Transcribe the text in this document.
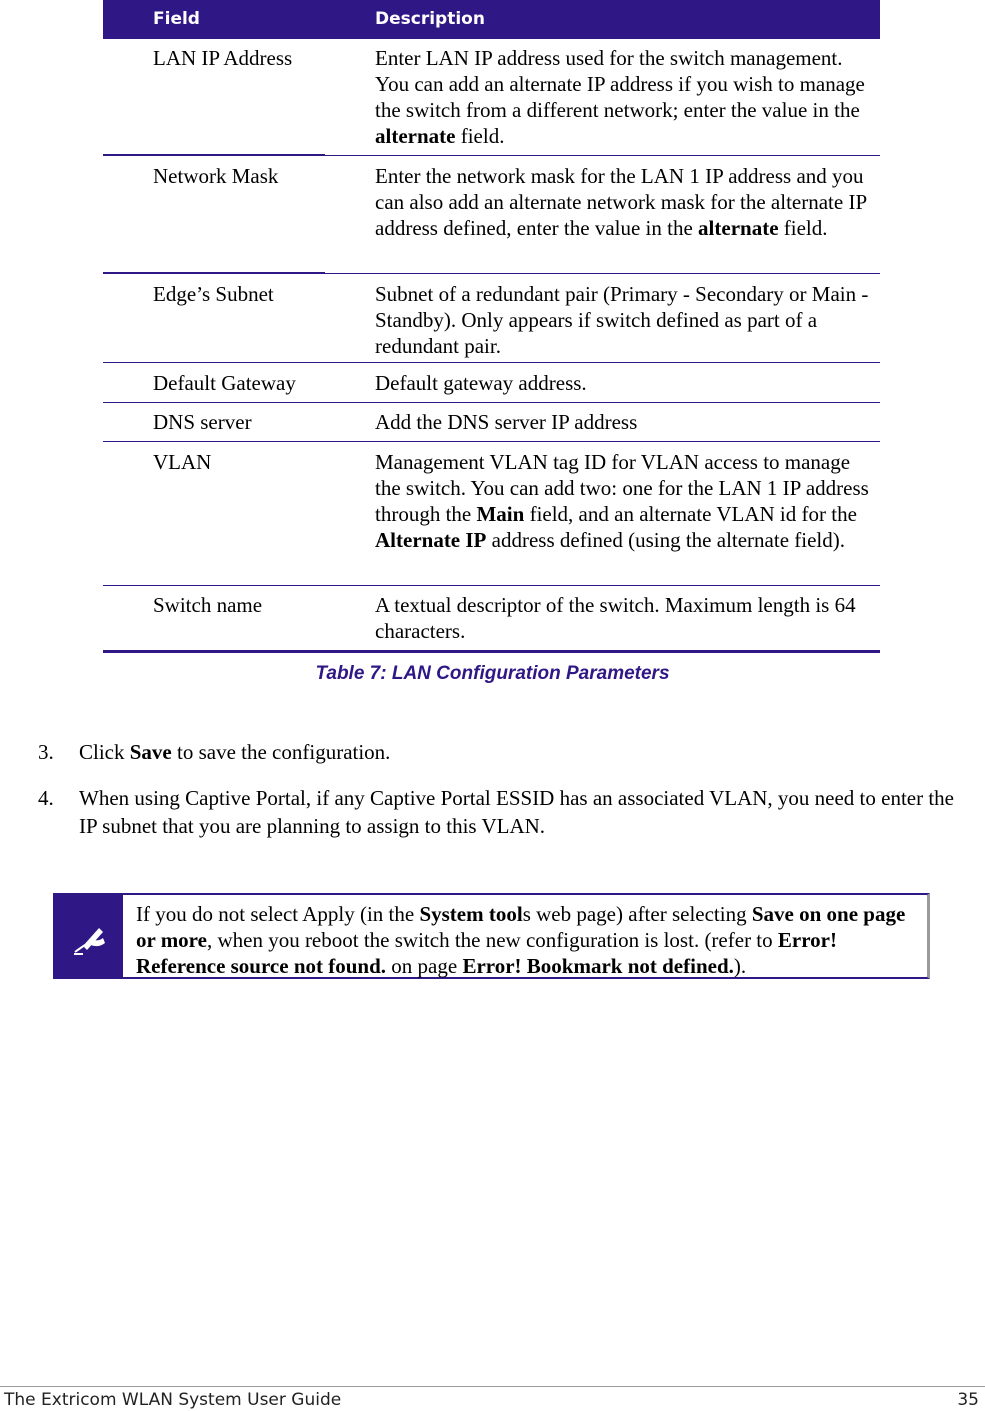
Field	Description
LAN IP Address	Enter LAN IP address used for the switch management. You can add an alternate IP address if you wish to manage the switch from a different network; enter the value in the alternate field.
Network Mask	Enter the network mask for the LAN 1 IP address and you can also add an alternate network mask for the alternate IP address defined, enter the value in the alternate field.
Edge’s Subnet	Subnet of a redundant pair (Primary - Secondary or Main - Standby). Only appears if switch defined as part of a redundant pair.
Default Gateway	Default gateway address.
DNS server	Add the DNS server IP address
VLAN	Management VLAN tag ID for VLAN access to manage the switch. You can add two: one for the LAN 1 IP address through the Main field, and an alternate VLAN id for the Alternate IP address defined (using the alternate field).
Switch name	A textual descriptor of the switch. Maximum length is 64 characters.
Table 7: LAN Configuration Parameters
3. Click Save to save the configuration.
4. When using Captive Portal, if any Captive Portal ESSID has an associated VLAN, you need to enter the IP subnet that you are planning to assign to this VLAN.
If you do not select Apply (in the System tools web page) after selecting Save on one page or more, when you reboot the switch the new configuration is lost. (refer to Error! Reference source not found. on page Error! Bookmark not defined.).
The Extricom WLAN System User Guide	35
